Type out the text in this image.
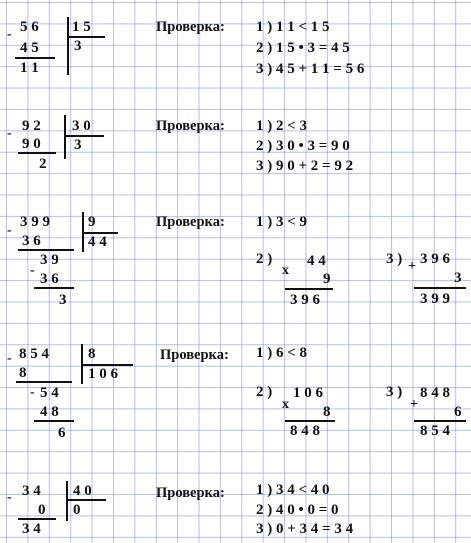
- 5 6 1 5
3
4 5
1 1
Проверка: 1 ) 1 1 < 1 5
2 ) 1 5 • 3 = 4 5
3 ) 4 5 + 1 1 = 5 6
- 9 2 3 0
3
9 0
2
Проверка: 1 ) 2 < 3
2 ) 3 0 • 3 = 9 0
3 ) 9 0 + 2 = 9 2
-
3 9 9	9
4 4
3 6
3 9
-
3 6
3
Проверка: 1 ) 3 < 9
2 )
x
4 4
9
3 9 6
3 ) + 3 9 6
3
3 9 9
- 8 5 4	8
1 0 6
8
- 5 4
4 8
6
Проверка: 1 ) 6 < 8
2 )
x
1 0 6
8
8 4 8
3 )
+
8 4 8
6
8 5 4
- 3 4 4 0
0
0
3 4
Проверка: 1 ) 3 4 < 4 0
2 ) 4 0 • 0 = 0
3 ) 0 + 3 4 = 3 4
